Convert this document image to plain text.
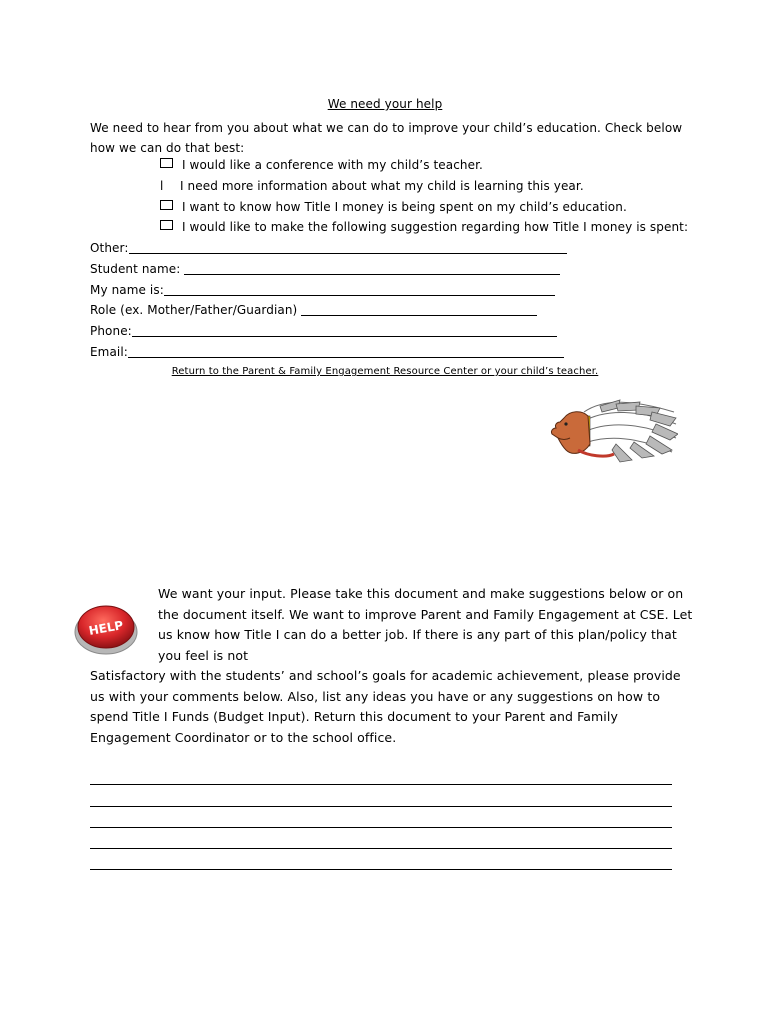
We need your help
We need to hear from you about what we can do to improve your child’s education. Check below how we can do that best:
I would like a conference with my child’s teacher.
l I need more information about what my child is learning this year.
I want to know how Title I money is being spent on my child’s education.
I would like to make the following suggestion regarding how Title I money is spent:
Other:
Student name:
My name is:
Role (ex. Mother/Father/Guardian)
Phone:
Email:
Return to the Parent & Family Engagement Resource Center or your child’s teacher.
We want your input. Please take this document and make suggestions below or on the document itself. We want to improve Parent and Family Engagement at CSE. Let us know how Title I can do a better job. If there is any part of this plan/policy that you feel is not
HELP
Satisfactory with the students’ and school’s goals for academic achievement, please provide us with your comments below. Also, list any ideas you have or any suggestions on how to spend Title I Funds (Budget Input). Return this document to your Parent and Family Engagement Coordinator or to the school office.
